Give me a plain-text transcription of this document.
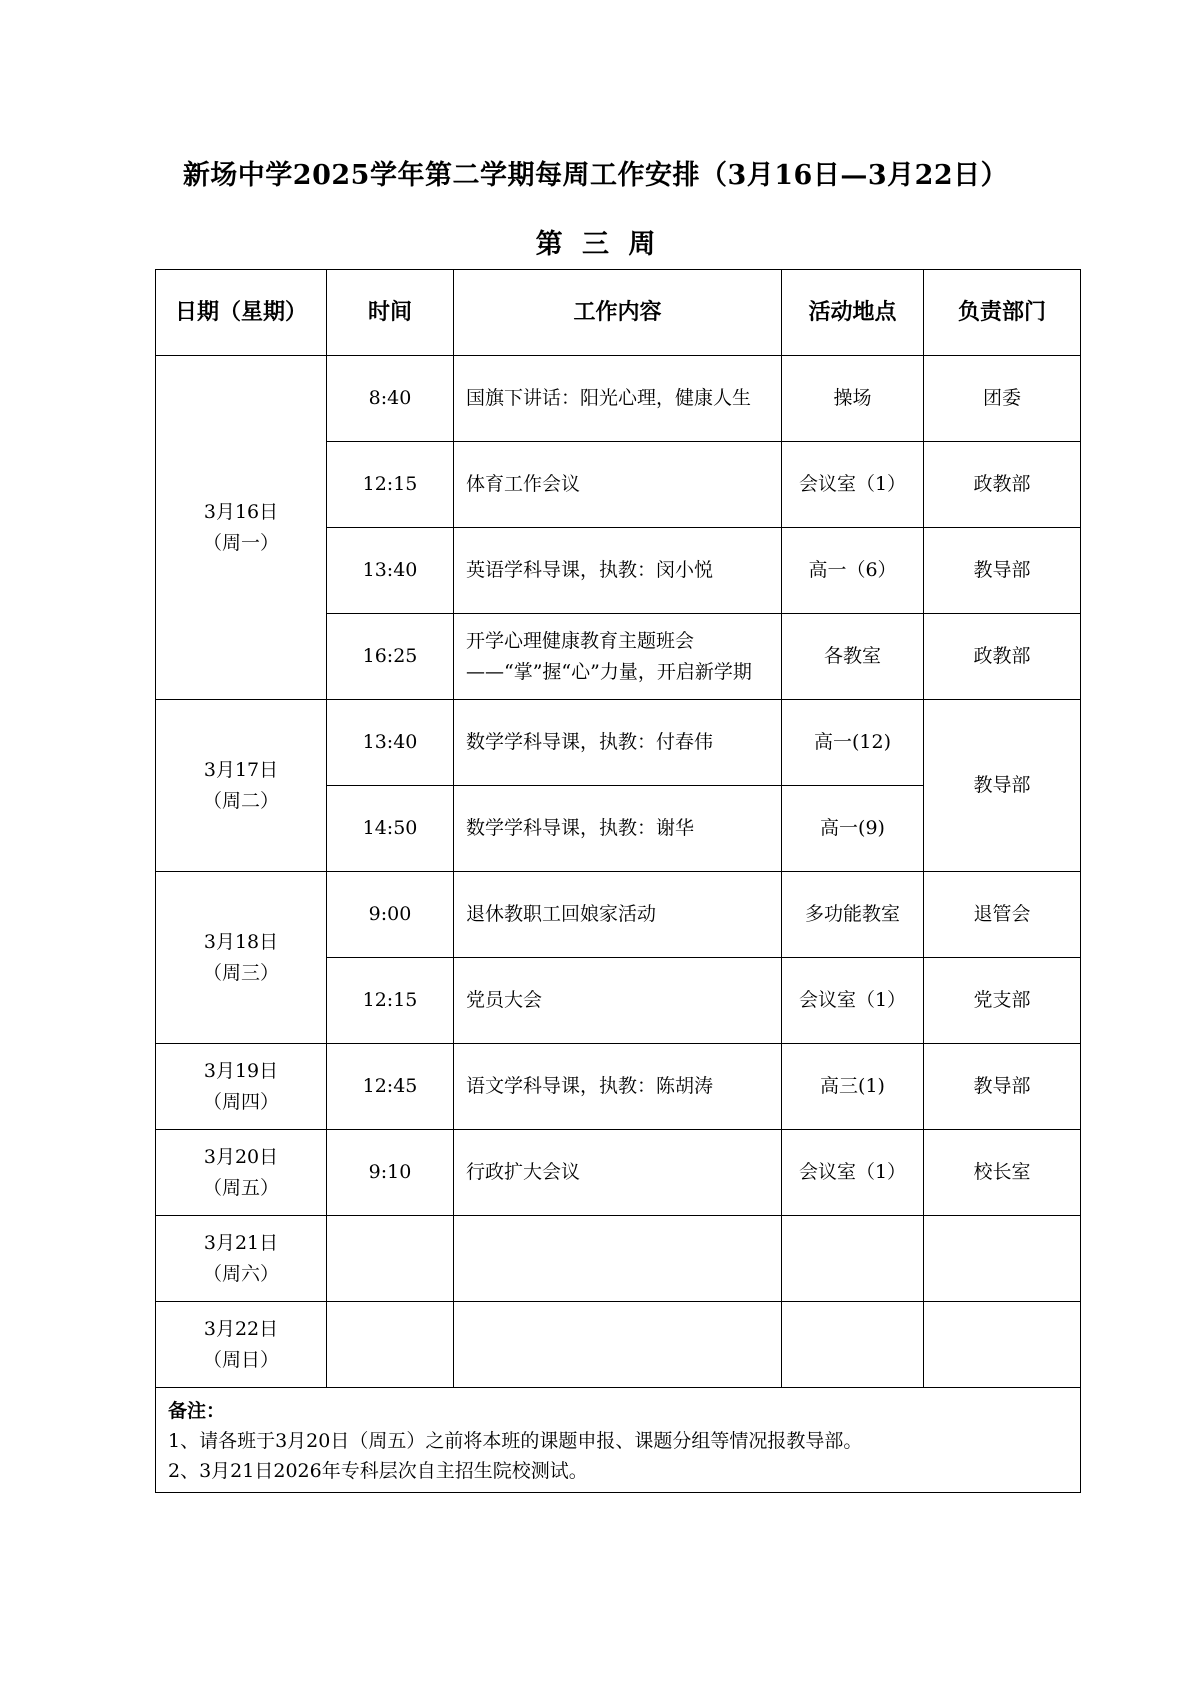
新场中学2025学年第二学期每周工作安排（3月16日—3月22日）
第 三 周
日期（星期）	时间	工作内容	活动地点	负责部门

3月16日
（周一）	8:40	国旗下讲话：阳光心理，健康人生	操场	团委
	12:15	体育工作会议	会议室（1）	政教部
	13:40	英语学科导课，执教：闵小悦	高一（6）	教导部
	16:25	开学心理健康教育主题班会——“掌”握“心”力量，开启新学期	各教室	政教部

3月17日
（周二）	13:40	数学学科导课，执教：付春伟	高一(12)	教导部
	14:50	数学学科导课，执教：谢华	高一(9)	

3月18日
（周三）	9:00	退休教职工回娘家活动	多功能教室	退管会
	12:15	党员大会	会议室（1）	党支部

3月19日
（周四）	12:45	语文学科导课，执教：陈胡涛	高三(1)	教导部

3月20日
（周五）	9:10	行政扩大会议	会议室（1）	校长室

3月21日
（周六）				

3月22日
（周日）				

备注：

1、请各班于3月20日（周五）之前将本班的课题申报、课题分组等情况报教导部。

2、3月21日2026年专科层次自主招生院校测试。				
